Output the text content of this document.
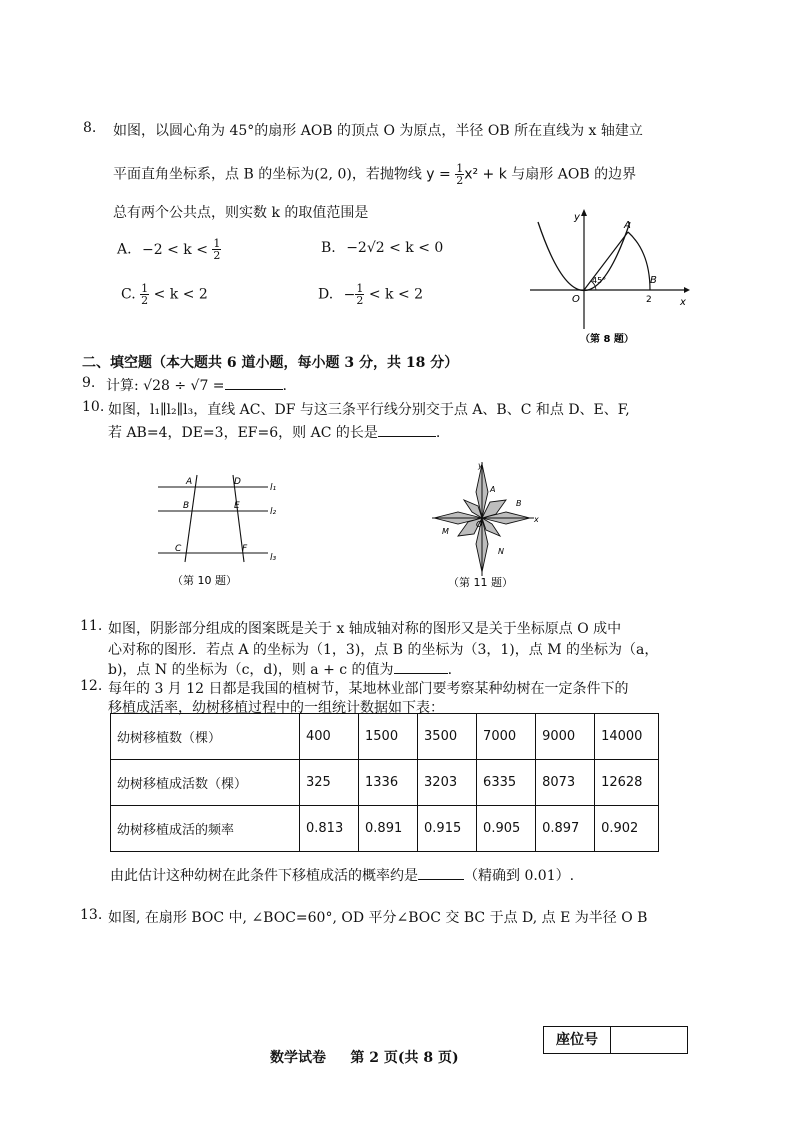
8. 如图，以圆心角为 45°的扇形 AOB 的顶点 O 为原点，半径 OB 所在直线为 x 轴建立
平面直角坐标系，点 B 的坐标为(2, 0)，若抛物线 $y = \frac{1}{2} x^2 + k$ 与扇形 AOB 的边界
总有两个公共点，则实数 k 的取值范围是
A. $-2 < k < \frac{1}{2}$	B. −2√2 < k < 0
C. $\frac{1}{2} < k < 2$	D. − $\frac{1}{2} < k < 2$
y
x
A
B
O
45°
2
（第 8 题）
二、填空题（本大题共 6 道小题，每小题 3 分，共 18 分）
9. 计算: √28 ÷ √7 =	.
10. 如图，l₁∥l₂∥l₃，直线 AC、DF 与这三条平行线分别交于点 A、B、C 和点 D、E、F,
若 AB=4，DE=3，EF=6，则 AC 的长是	.
A	D
B	E
C	F
l₁
l₂
l₃
（第 10 题）
y
x
A
B
O
M
N
（第 11 题）
11. 如图，阴影部分组成的图案既是关于 x 轴成轴对称的图形又是关于坐标原点 O 成中
心对称的图形．若点 A 的坐标为（1，3)，点 B 的坐标为（3，1)，点 M 的坐标为（a，
b)，点 N 的坐标为（c，d)，则 a + c 的值为	.
12. 每年的 3 月 12 日都是我国的植树节，某地林业部门要考察某种幼树在一定条件下的
移植成活率，幼树移植过程中的一组统计数据如下表：
幼树移植数（棵）	400	1500	3500	7000	9000	14000
幼树移植成活数（棵）	325	1336	3203	6335	8073	12628
幼树移植成活的频率	0.813	0.891	0.915	0.905	0.897	0.902
由此估计这种幼树在此条件下移植成活的概率约是	（精确到 0.01）.
13. 如图, 在扇形 BOC 中, ∠BOC=60°, OD 平分∠BOC 交 BC 于点 D, 点 E 为半径 O B
座位号
数学试卷     第 2 页(共 8 页)
